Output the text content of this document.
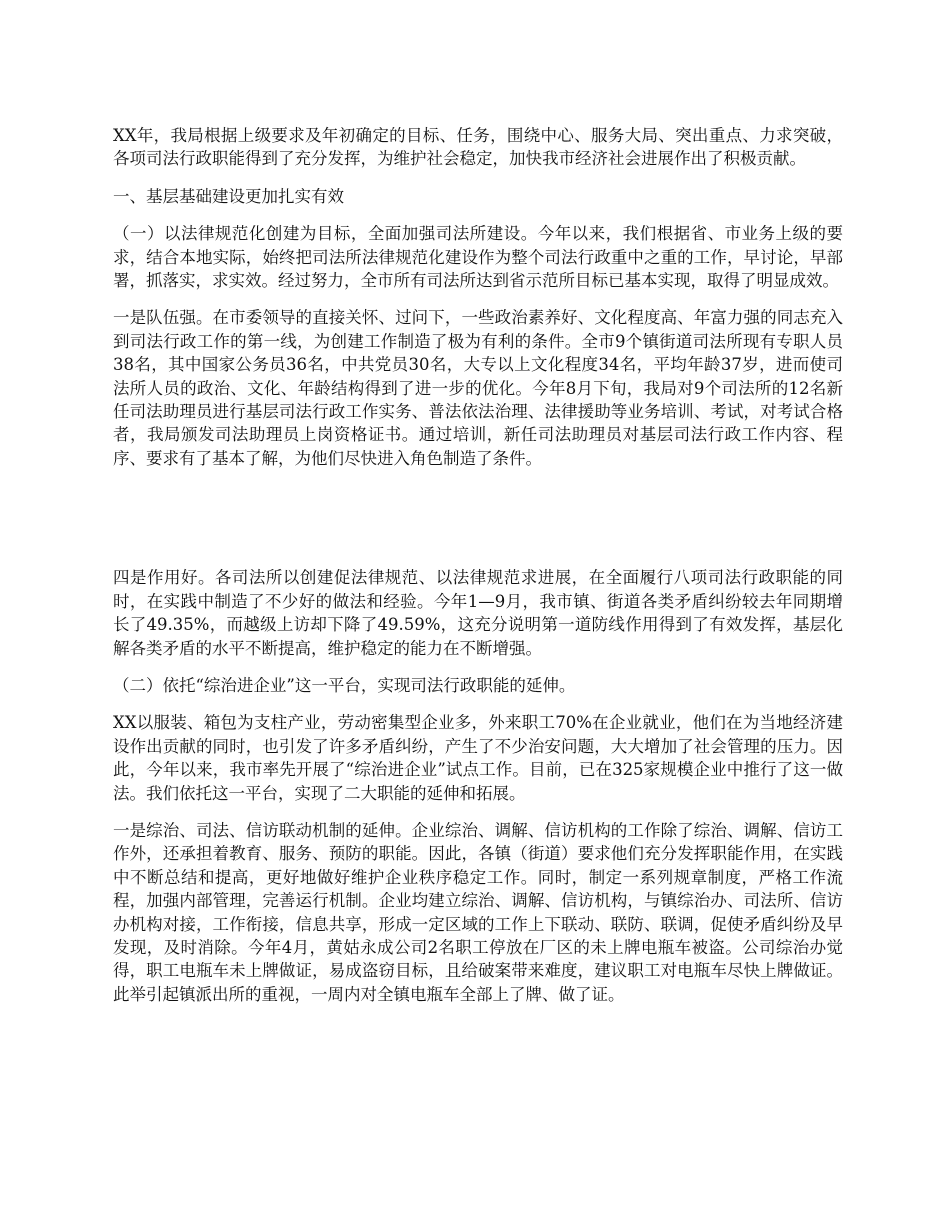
XX年，我局根据上级要求及年初确定的目标、任务，围绕中心、服务大局、突出重点、力求突破，各项司法行政职能得到了充分发挥，为维护社会稳定，加快我市经济社会进展作出了积极贡献。

一、基层基础建设更加扎实有效

（一）以法律规范化创建为目标，全面加强司法所建设。今年以来，我们根据省、市业务上级的要求，结合本地实际，始终把司法所法律规范化建设作为整个司法行政重中之重的工作，早讨论，早部署，抓落实，求实效。经过努力，全市所有司法所达到省示范所目标已基本实现，取得了明显成效。

一是队伍强。在市委领导的直接关怀、过问下，一些政治素养好、文化程度高、年富力强的同志充入到司法行政工作的第一线，为创建工作制造了极为有利的条件。全市9个镇街道司法所现有专职人员38名，其中国家公务员36名，中共党员30名，大专以上文化程度34名，平均年龄37岁，进而使司法所人员的政治、文化、年龄结构得到了进一步的优化。今年8月下旬，我局对9个司法所的12名新任司法助理员进行基层司法行政工作实务、普法依法治理、法律援助等业务培训、考试，对考试合格者，我局颁发司法助理员上岗资格证书。通过培训，新任司法助理员对基层司法行政工作内容、程序、要求有了基本了解，为他们尽快进入角色制造了条件。

四是作用好。各司法所以创建促法律规范、以法律规范求进展，在全面履行八项司法行政职能的同时，在实践中制造了不少好的做法和经验。今年1—9月，我市镇、街道各类矛盾纠纷较去年同期增长了49.35%，而越级上访却下降了49.59%，这充分说明第一道防线作用得到了有效发挥，基层化解各类矛盾的水平不断提高，维护稳定的能力在不断增强。

（二）依托“综治进企业”这一平台，实现司法行政职能的延伸。

XX以服装、箱包为支柱产业，劳动密集型企业多，外来职工70%在企业就业，他们在为当地经济建设作出贡献的同时，也引发了许多矛盾纠纷，产生了不少治安问题，大大增加了社会管理的压力。因此，今年以来，我市率先开展了“综治进企业”试点工作。目前，已在325家规模企业中推行了这一做法。我们依托这一平台，实现了二大职能的延伸和拓展。

一是综治、司法、信访联动机制的延伸。企业综治、调解、信访机构的工作除了综治、调解、信访工作外，还承担着教育、服务、预防的职能。因此，各镇（街道）要求他们充分发挥职能作用，在实践中不断总结和提高，更好地做好维护企业秩序稳定工作。同时，制定一系列规章制度，严格工作流程，加强内部管理，完善运行机制。企业均建立综治、调解、信访机构，与镇综治办、司法所、信访办机构对接，工作衔接，信息共享，形成一定区域的工作上下联动、联防、联调，促使矛盾纠纷及早发现，及时消除。今年4月，黄姑永成公司2名职工停放在厂区的未上牌电瓶车被盗。公司综治办觉得，职工电瓶车未上牌做证，易成盗窃目标，且给破案带来难度，建议职工对电瓶车尽快上牌做证。此举引起镇派出所的重视，一周内对全镇电瓶车全部上了牌、做了证。
